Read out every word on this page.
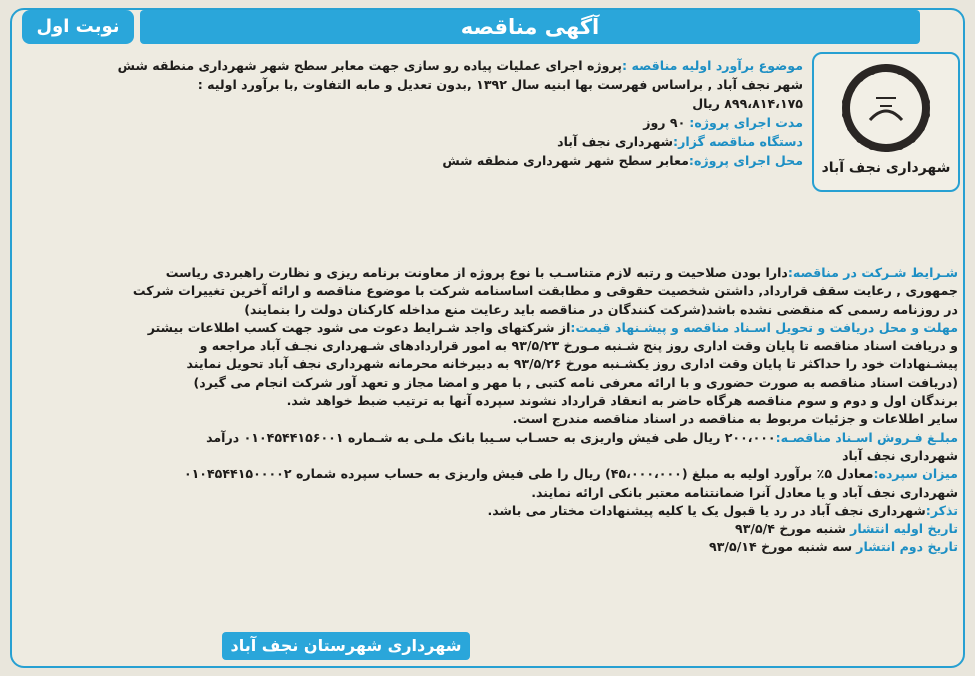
آگهی مناقصه
نوبت اول
شهرداری نجف آباد
موضوع برآورد اولیه مناقصه :پروژه اجرای عملیات پیاده رو سازی جهت معابر سطح شهر شهرداری منطقه شش
شهر نجف آباد , براساس فهرست بها ابنیه سال ۱۳۹۲ ,بدون تعدیل و مابه التفاوت ,با برآورد اولیه :
۸۹۹،۸۱۴،۱۷۵ ریال
مدت اجرای پروژه: ۹۰ روز
دستگاه مناقصه گزار:شهرداری نجف آباد
محل اجرای پروژه:معابر سطح شهر شهرداری منطقه شش
شـرایط شـرکت در مناقصه:دارا بودن صلاحیت و رتبه لازم متناسـب با نوع پروژه از معاونت برنامه ریزی و نظارت راهبردی ریاست
جمهوری , رعایت سقف قرارداد, داشتن شخصیت حقوقی و مطابقت اساسنامه شرکت با موضوع مناقصه و ارائه آخرین تغییرات شرکت
در روزنامه رسمی که منقضی نشده باشد(شرکت کنندگان در مناقصه باید رعایت منع مداخله کارکنان دولت را بنمایند)
مهلت و محل دریافت و تحویل اسـناد مناقصه و پیشـنهاد قیمت:از شرکتهای واجد شـرایط دعوت می شود جهت کسب اطلاعات بیشتر
و دریافت اسناد مناقصه تا پایان وقت اداری روز پنج شـنبه مـورخ ۹۳/۵/۲۳ به امور قراردادهای شـهرداری نجـف آباد مراجعه و
پیشـنهادات خود را حداکثر تا پایان وقت اداری روز یکشـنبه مورخ ۹۳/۵/۲۶ به دبیرخانه محرمانه شهرداری نجف آباد تحویل نمایند
(دریافت اسناد مناقصه به صورت حضوری و با ارائه معرفی نامه کتبی , با مهر و امضا مجاز و تعهد آور شرکت انجام می گیرد)
برندگان اول و دوم و سوم مناقصه هرگاه حاضر به انعقاد قرارداد نشوند سپرده آنها به ترتیب ضبط خواهد شد.
سایر اطلاعات و جزئیات مربوط به مناقصه در اسناد مناقصه مندرج است.
مبلـغ فـروش اسـناد مناقصـه:۲۰۰،۰۰۰ ریال طی فیش واریزی به حسـاب سـیبا بانک ملـی به شـماره ۰۱۰۴۵۴۴۱۵۶۰۰۱ درآمد
شهرداری نجف آباد
میزان سپرده:معادل ۵٪ برآورد اولیه به مبلغ (۴۵،۰۰۰،۰۰۰) ریال را طی فیش واریزی به حساب سپرده شماره ۰۱۰۴۵۴۴۱۵۰۰۰۰۲
شهرداری نجف آباد و یا معادل آنرا ضمانتنامه معتبر بانکی ارائه نمایند.
تذکر:شهرداری نجف آباد در رد یا قبول یک یا کلیه پیشنهادات مختار می باشد.
تاریخ اولیه انتشار شنبه مورخ ۹۳/۵/۴
تاریخ دوم انتشار سه شنبه مورخ ۹۳/۵/۱۴
شهرداری شهرستان نجف آباد
